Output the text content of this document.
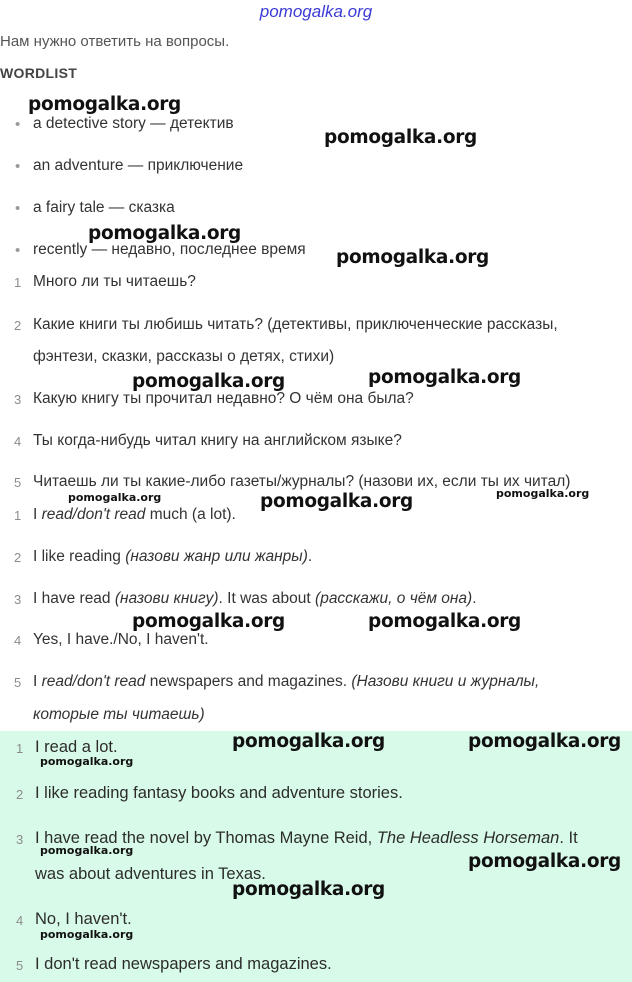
pomogalka.org
Нам нужно ответить на вопросы.
WORDLIST
• a detective story — детектив
• an adventure — приключение
• a fairy tale — сказка
• recently — недавно, последнее время
1 Много ли ты читаешь?
2 Какие книги ты любишь читать? (детективы, приключенческие рассказы,
фэнтези, сказки, рассказы о детях, стихи)
3 Какую книгу ты прочитал недавно? О чём она была?
4 Ты когда-нибудь читал книгу на английском языке?
5 Читаешь ли ты какие-либо газеты/журналы? (назови их, если ты их читал)
1 I read/don't read much (a lot).
2 I like reading (назови жанр или жанры).
3 I have read (назови книгу). It was about (расскажи, о чём она).
4 Yes, I have./No, I haven't.
5 I read/don't read newspapers and magazines. (Назови книги и журналы,
которые ты читаешь)
1 I read a lot.
2 I like reading fantasy books and adventure stories.
3 I have read the novel by Thomas Mayne Reid, The Headless Horseman. It
was about adventures in Texas.
4 No, I haven't.
5 I don't read newspapers and magazines.
pomogalka.org
pomogalka.org
pomogalka.org
pomogalka.org
pomogalka.org	pomogalka.org
pomogalka.org	pomogalka.org	pomogalka.org
pomogalka.org	pomogalka.org
pomogalka.org	pomogalka.org
pomogalka.org
pomogalka.org
pomogalka.org
pomogalka.org
pomogalka.org
